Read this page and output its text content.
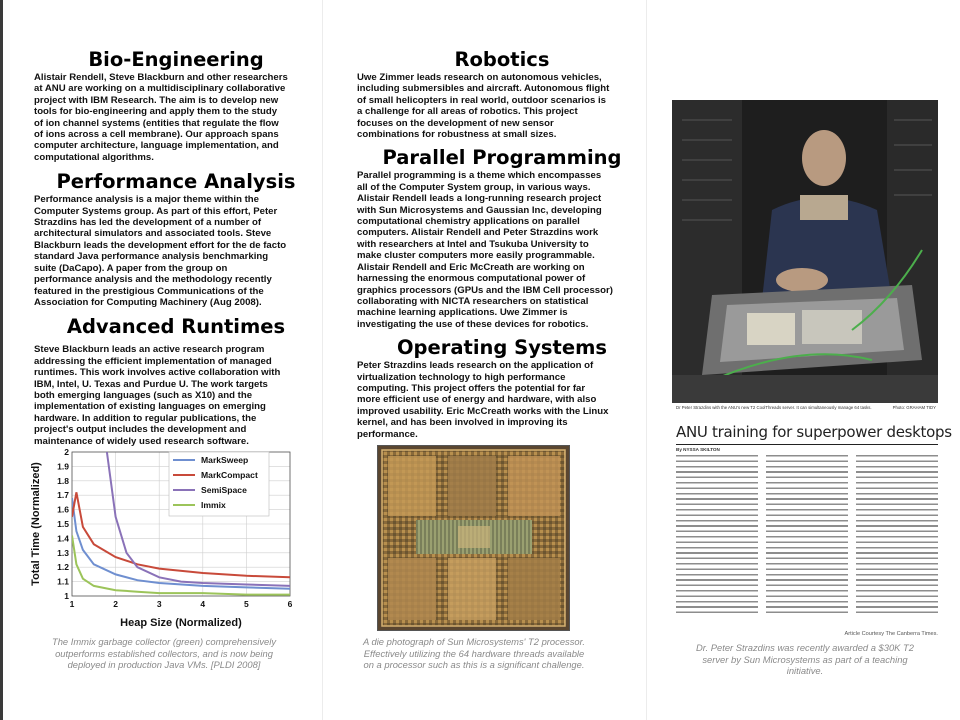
Bio-Engineering
Alistair Rendell, Steve Blackburn and other researchers
at ANU are working on a multidisciplinary collaborative
project with IBM Research. The aim is to develop new
tools for bio-engineering and apply them to the study
of ion channel systems (entities that regulate the flow
of ions across a cell membrane). Our approach spans
computer architecture, language implementation, and
computational algorithms.
Performance Analysis
Performance analysis is a major theme within the
Computer Systems group. As part of this effort, Peter
Strazdins has led the development of a number of
architectural simulators and associated tools. Steve
Blackburn leads the development effort for the de facto
standard Java performance analysis benchmarking
suite (DaCapo). A paper from the group on
performance analysis and the methodology recently
featured in the prestigious Communications of the
Association for Computing Machinery (Aug 2008).
Advanced Runtimes
Steve Blackburn leads an active research program
addressing the efficient implementation of managed
runtimes. This work involves active collaboration with
IBM, Intel, U. Texas and Purdue U. The work targets
both emerging languages (such as X10) and the
implementation of existing languages on emerging
hardware. In addition to regular publications, the
project's output includes the development and
maintenance of widely used research software.
Robotics
Uwe Zimmer leads research on autonomous vehicles,
including submersibles and aircraft. Autonomous flight
of small helicopters in real world, outdoor scenarios is
a challenge for all areas of robotics. This project
focuses on the development of new sensor
combinations for robustness at small sizes.
Parallel Programming
Parallel programming is a theme which encompasses
all of the Computer System group, in various ways.
Alistair Rendell leads a long-running research project
with Sun Microsystems and Gaussian Inc, developing
computational chemistry applications on parallel
computers. Alistair Rendell and Peter Strazdins work
with researchers at Intel and Tsukuba University to
make cluster computers more easily programmable.
Alistair Rendell and Eric McCreath are working on
harnessing the enormous computational power of
graphics processors (GPUs and the IBM Cell processor)
collaborating with NICTA researchers on statistical
machine learning applications. Uwe Zimmer is
investigating the use of these devices for robotics.
Operating Systems
Peter Strazdins leads research on the application of
virtualization technology to high performance
computing. This project offers the potential for far
more efficient use of energy and hardware, with also
improved usability. Eric McCreath works with the Linux
kernel, and has been involved in improving its
performance.
1
1.1
1.2
1.3
1.4
1.5
1.6
1.7
1.8
1.9
2
1	2	3	4	5	6
Heap Size (Normalized)
Total Time (Normalized)
MarkSweep
MarkCompact
SemiSpace
Immix
The Immix garbage collector (green) comprehensively
outperforms established collectors, and is now being
deployed in production Java VMs. [PLDI 2008]
A die photograph of Sun Microsystems' T2 processor.
Effectively utilizing the 64 hardware threads available
on a processor such as this is a significant challenge.
Dr Peter Strazdins with the ANU's new T2 CoolThreads server. It can simultaneously manage 64 tasks.	Photo: GRAHAM TIDY
ANU training for superpower desktops
By NYSSA SKILTON
Article Courtesy The Canberra Times.
Dr. Peter Strazdins was recently awarded a $30K T2
server by Sun Microsystems as part of a teaching
initiative.
